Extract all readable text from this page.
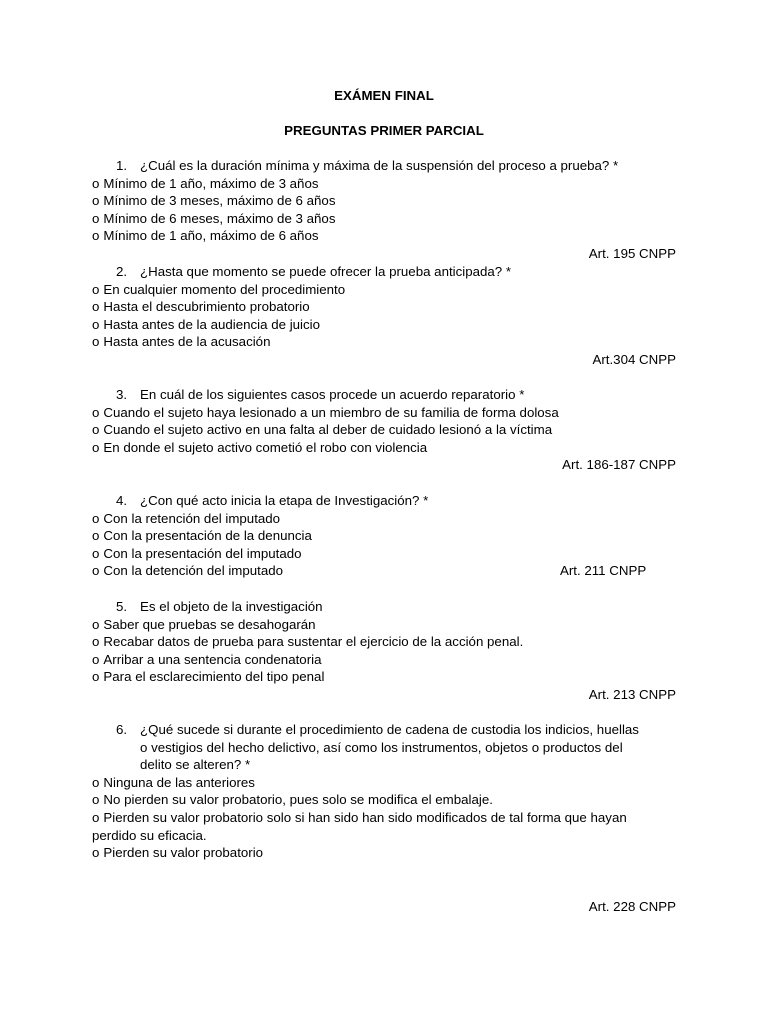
EXÁMEN FINAL
PREGUNTAS PRIMER PARCIAL
1. ¿Cuál es la duración mínima y máxima de la suspensión del proceso a prueba? *
o Mínimo de 1 año, máximo de 3 años
o Mínimo de 3 meses, máximo de 6 años
o Mínimo de 6 meses, máximo de 3 años
o Mínimo de 1 año, máximo de 6 años
Art. 195 CNPP
2. ¿Hasta que momento se puede ofrecer la prueba anticipada? *
o En cualquier momento del procedimiento
o Hasta el descubrimiento probatorio
o Hasta antes de la audiencia de juicio
o Hasta antes de la acusación
Art.304 CNPP
3. En cuál de los siguientes casos procede un acuerdo reparatorio *
o Cuando el sujeto haya lesionado a un miembro de su familia de forma dolosa
o Cuando el sujeto activo en una falta al deber de cuidado lesionó a la víctima
o En donde el sujeto activo cometió el robo con violencia
Art. 186-187 CNPP
4. ¿Con qué acto inicia la etapa de Investigación? *
o Con la retención del imputado
o Con la presentación de la denuncia
o Con la presentación del imputado
o Con la detención del imputado	Art. 211 CNPP
5. Es el objeto de la investigación
o Saber que pruebas se desahogarán
o Recabar datos de prueba para sustentar el ejercicio de la acción penal.
o Arribar a una sentencia condenatoria
o Para el esclarecimiento del tipo penal
Art. 213 CNPP
6. ¿Qué sucede si durante el procedimiento de cadena de custodia los indicios, huellas
o vestigios del hecho delictivo, así como los instrumentos, objetos o productos del
delito se alteren? *
o Ninguna de las anteriores
o No pierden su valor probatorio, pues solo se modifica el embalaje.
o Pierden su valor probatorio solo si han sido han sido modificados de tal forma que hayan
perdido su eficacia.
o Pierden su valor probatorio
Art. 228 CNPP
